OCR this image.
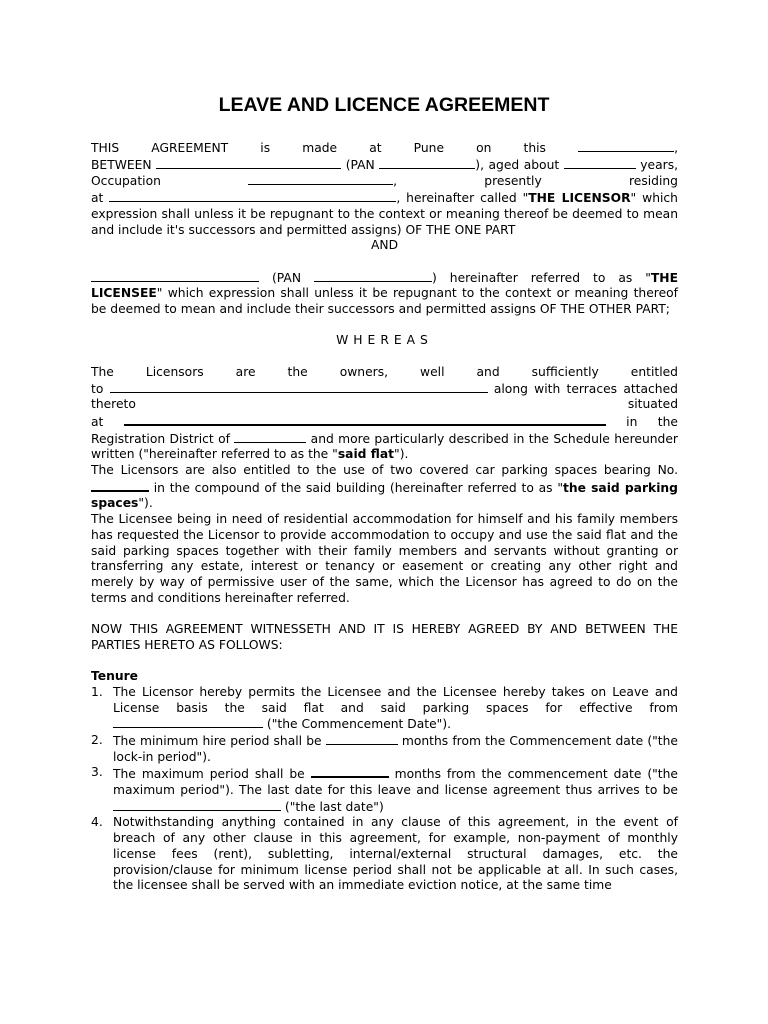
LEAVE AND LICENCE AGREEMENT

THIS AGREEMENT is made at Pune on this	,

BETWEEN	(PAN	), aged about	years,

Occupation	, presently residing

at	, hereinafter called "THE LICENSOR" which expression shall unless it be repugnant to the context or meaning thereof be deemed to mean and include it's successors and permitted assigns) OF THE ONE PART

AND

(PAN	) hereinafter referred to as "THE LICENSEE" which expression shall unless it be repugnant to the context or meaning thereof be deemed to mean and include their successors and permitted assigns OF THE OTHER PART;

WHEREAS

The Licensors are the owners, well and sufficiently entitled

to	along with terraces attached

thereto situated

at	in the

Registration District of	and more particularly described in the Schedule hereunder written ("hereinafter referred to as the "said flat").

The Licensors are also entitled to the use of two covered car parking spaces bearing No.  in the compound of the said building (hereinafter referred to as "the said parking spaces").

The Licensee being in need of residential accommodation for himself and his family members has requested the Licensor to provide accommodation to occupy and use the said flat and the said parking spaces together with their family members and servants without granting or transferring any estate, interest or tenancy or easement or creating any other right and merely by way of permissive user of the same, which the Licensor has agreed to do on the terms and conditions hereinafter referred.

NOW THIS AGREEMENT WITNESSETH AND IT IS HEREBY AGREED BY AND BETWEEN THE PARTIES HERETO AS FOLLOWS:

Tenure

1. The Licensor hereby permits the Licensee and the Licensee hereby takes on Leave and License basis the said flat and said parking spaces for effective from  ("the Commencement Date").
2. The minimum hire period shall be	months from the Commencement date ("the lock-in period").
3. The maximum period shall be	months from the commencement date ("the maximum period"). The last date for this leave and license agreement thus arrives to be  ("the last date")
4. Notwithstanding anything contained in any clause of this agreement, in the event of breach of any other clause in this agreement, for example, non-payment of monthly license fees (rent), subletting, internal/external structural damages, etc. the provision/clause for minimum license period shall not be applicable at all. In such cases, the licensee shall be served with an immediate eviction notice, at the same time
